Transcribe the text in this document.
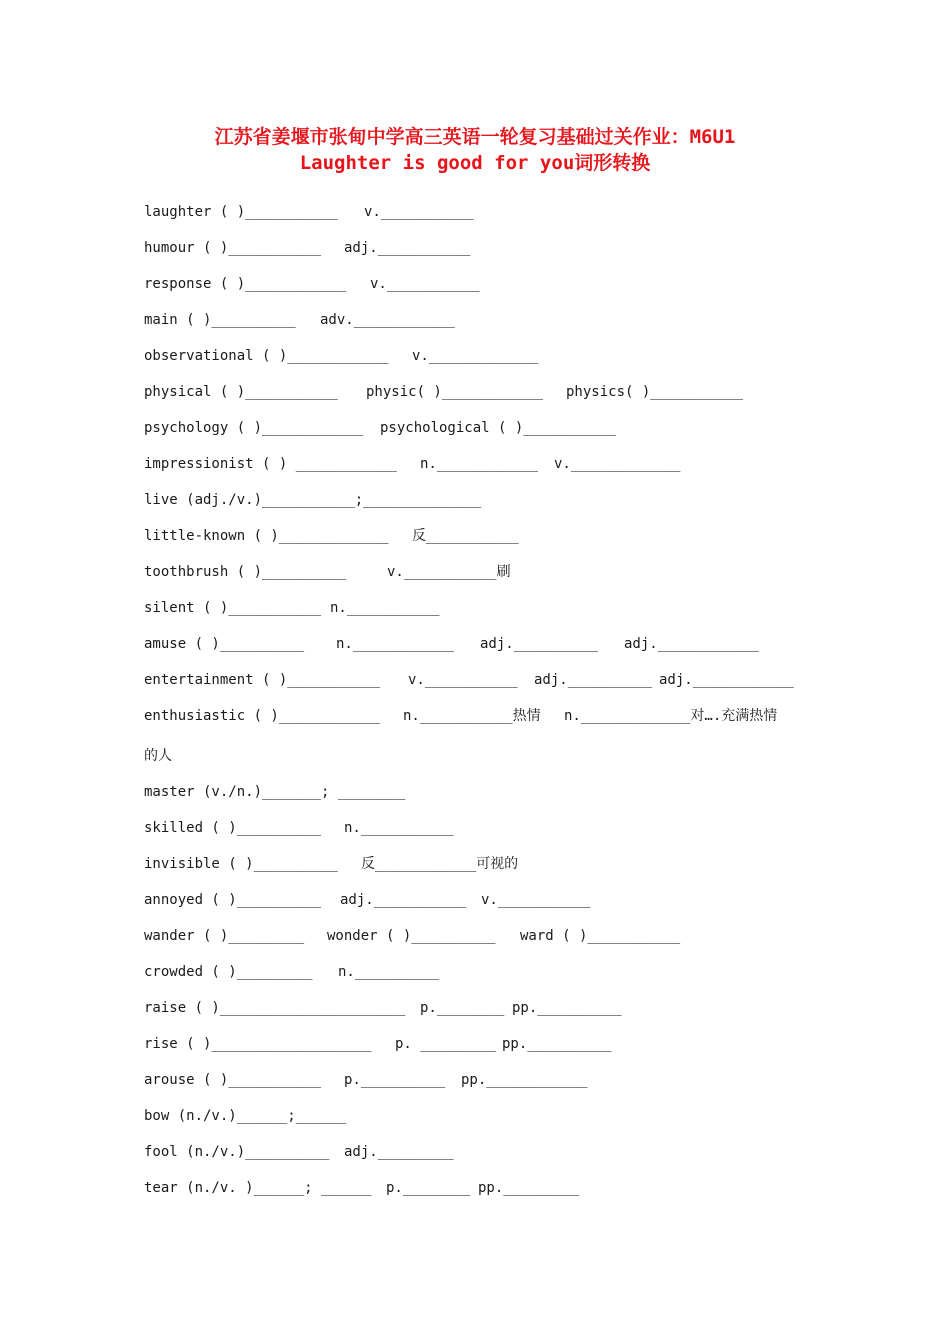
江苏省姜堰市张甸中学高三英语一轮复习基础过关作业：M6U1
Laughter is good for you词形转换
laughter ( )___________ v.___________
humour ( )___________ adj.___________
response ( )____________ v.___________
main ( )__________ adv.____________
observational ( )____________ v._____________
physical ( )___________ physic( )____________ physics( )___________
psychology ( )____________ psychological ( )___________
impressionist ( ) ____________ n.____________ v._____________
live (adj./v.)___________;______________
little-known ( )_____________ 反___________
toothbrush ( )__________	v.___________刷
silent ( )___________ n.___________
amuse ( )__________ n.____________ adj.__________ adj.____________
entertainment ( )___________ v.___________ adj.__________ adj.____________
enthusiastic ( )____________ n.___________热情 n._____________对….充满热情
的人
master (v./n.)_______; ________
skilled ( )__________ n.___________
invisible ( )__________ 反____________可视的
annoyed ( )__________ adj.___________ v.___________
wander ( )_________ wonder ( )__________ ward ( )___________
crowded ( )_________ n.__________
raise ( )______________________ p.________ pp.__________
rise ( )___________________ p. _________ pp.__________
arouse ( )___________ p.__________ pp.____________
bow (n./v.)______;______
fool (n./v.)__________ adj._________
tear (n./v. )______; ______ p.________ pp._________
